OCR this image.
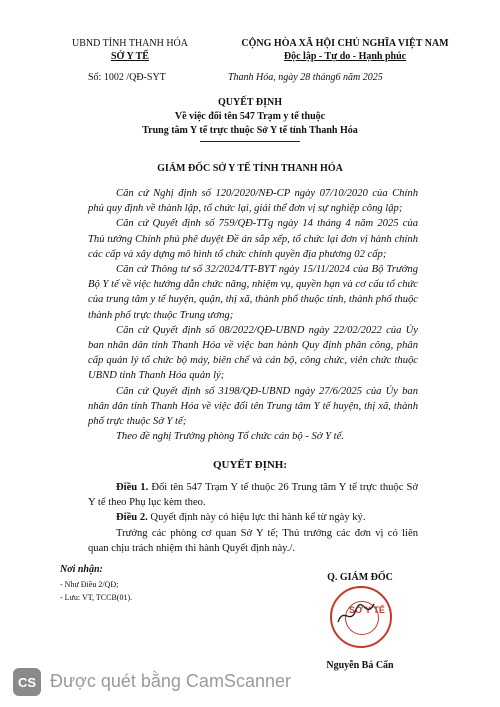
UBND TỈNH THANH HÓA
SỞ Y TẾ
CỘNG HÒA XÃ HỘI CHỦ NGHĨA VIỆT NAM
Độc lập - Tự do - Hạnh phúc
Số: 1002 /QĐ-SYT	Thanh Hóa, ngày 28 tháng6 năm 2025
QUYẾT ĐỊNH
Về việc đổi tên 547 Trạm y tế thuộc
Trung tâm Y tế trực thuộc Sở Y tế tỉnh Thanh Hóa
GIÁM ĐỐC SỞ Y TẾ TỈNH THANH HÓA
Căn cứ Nghị định số 120/2020/NĐ-CP ngày 07/10/2020 của Chính phủ quy định về thành lập, tổ chức lại, giải thể đơn vị sự nghiệp công lập;
Căn cứ Quyết định số 759/QĐ-TTg ngày 14 tháng 4 năm 2025 của Thủ tướng Chính phủ phê duyệt Đề án sắp xếp, tổ chức lại đơn vị hành chính các cấp và xây dựng mô hình tổ chức chính quyền địa phương 02 cấp;
Căn cứ Thông tư số 32/2024/TT-BYT ngày 15/11/2024 của Bộ Trưởng Bộ Y tế về việc hướng dẫn chức năng, nhiệm vụ, quyền hạn và cơ cấu tổ chức của trung tâm y tế huyện, quận, thị xã, thành phố thuộc tỉnh, thành phố thuộc thành phố trực thuộc Trung ương;
Căn cứ Quyết định số 08/2022/QĐ-UBND ngày 22/02/2022 của Ủy ban nhân dân tỉnh Thanh Hóa về việc ban hành Quy định phân công, phân cấp quản lý tổ chức bộ máy, biên chế và cán bộ, công chức, viên chức thuộc UBND tỉnh Thanh Hóa quản lý;
Căn cứ Quyết định số 3198/QĐ-UBND ngày 27/6/2025 của Ủy ban nhân dân tỉnh Thanh Hóa về việc đổi tên Trung tâm Y tế huyện, thị xã, thành phố trực thuộc Sở Y tế;
Theo đề nghị Trưởng phòng Tổ chức cán bộ - Sở Y tế.
QUYẾT ĐỊNH:
Điều 1. Đổi tên 547 Trạm Y tế thuộc 26 Trung tâm Y tế trực thuộc Sở Y tế theo Phụ lục kèm theo.
Điều 2. Quyết định này có hiệu lực thi hành kể từ ngày ký.
Trưởng các phòng cơ quan Sở Y tế; Thủ trưởng các đơn vị có liên quan chịu trách nhiệm thi hành Quyết định này./.
Nơi nhận:
- Như Điều 2/QĐ;
- Lưu: VT, TCCB(01).
Q. GIÁM ĐỐC
SỞ Y TẾ
Nguyễn Bá Cẩn
CS Được quét bằng CamScanner
